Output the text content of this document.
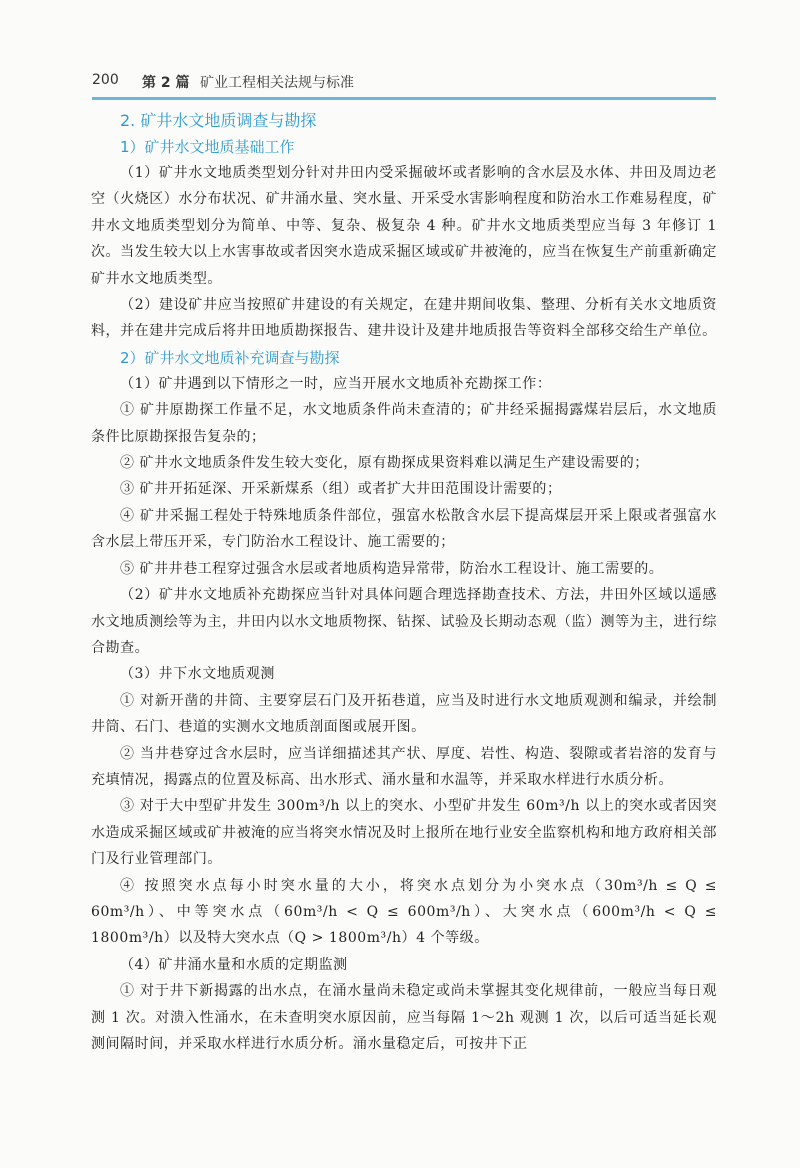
200 第 2 篇 矿业工程相关法规与标准
2. 矿井水文地质调查与勘探
1）矿井水文地质基础工作

（1）矿井水文地质类型划分针对井田内受采掘破坏或者影响的含水层及水体、井田及周边老空（火烧区）水分布状况、矿井涌水量、突水量、开采受水害影响程度和防治水工作难易程度，矿井水文地质类型划分为简单、中等、复杂、极复杂 4 种。矿井水文地质类型应当每 3 年修订 1 次。当发生较大以上水害事故或者因突水造成采掘区域或矿井被淹的，应当在恢复生产前重新确定矿井水文地质类型。

（2）建设矿井应当按照矿井建设的有关规定，在建井期间收集、整理、分析有关水文地质资料，并在建井完成后将井田地质勘探报告、建井设计及建井地质报告等资料全部移交给生产单位。

2）矿井水文地质补充调查与勘探

（1）矿井遇到以下情形之一时，应当开展水文地质补充勘探工作：

① 矿井原勘探工作量不足，水文地质条件尚未查清的；矿井经采掘揭露煤岩层后，水文地质条件比原勘探报告复杂的；

② 矿井水文地质条件发生较大变化，原有勘探成果资料难以满足生产建设需要的；

③ 矿井开拓延深、开采新煤系（组）或者扩大井田范围设计需要的；

④ 矿井采掘工程处于特殊地质条件部位，强富水松散含水层下提高煤层开采上限或者强富水含水层上带压开采，专门防治水工程设计、施工需要的；

⑤ 矿井井巷工程穿过强含水层或者地质构造异常带，防治水工程设计、施工需要的。

（2）矿井水文地质补充勘探应当针对具体问题合理选择勘查技术、方法，井田外区域以遥感水文地质测绘等为主，井田内以水文地质物探、钻探、试验及长期动态观（监）测等为主，进行综合勘查。

（3）井下水文地质观测

① 对新开凿的井筒、主要穿层石门及开拓巷道，应当及时进行水文地质观测和编录，并绘制井筒、石门、巷道的实测水文地质剖面图或展开图。

② 当井巷穿过含水层时，应当详细描述其产状、厚度、岩性、构造、裂隙或者岩溶的发育与充填情况，揭露点的位置及标高、出水形式、涌水量和水温等，并采取水样进行水质分析。

③ 对于大中型矿井发生 300m³/h 以上的突水、小型矿井发生 60m³/h 以上的突水或者因突水造成采掘区域或矿井被淹的应当将突水情况及时上报所在地行业安全监察机构和地方政府相关部门及行业管理部门。

④ 按照突水点每小时突水量的大小，将突水点划分为小突水点（30m³/h ≤ Q ≤ 60m³/h）、中等突水点（60m³/h < Q ≤ 600m³/h）、大突水点（600m³/h < Q ≤ 1800m³/h）以及特大突水点（Q > 1800m³/h）4 个等级。

（4）矿井涌水量和水质的定期监测

① 对于井下新揭露的出水点，在涌水量尚未稳定或尚未掌握其变化规律前，一般应当每日观测 1 次。对溃入性涌水，在未查明突水原因前，应当每隔 1～2h 观测 1 次，以后可适当延长观测间隔时间，并采取水样进行水质分析。涌水量稳定后，可按井下正
